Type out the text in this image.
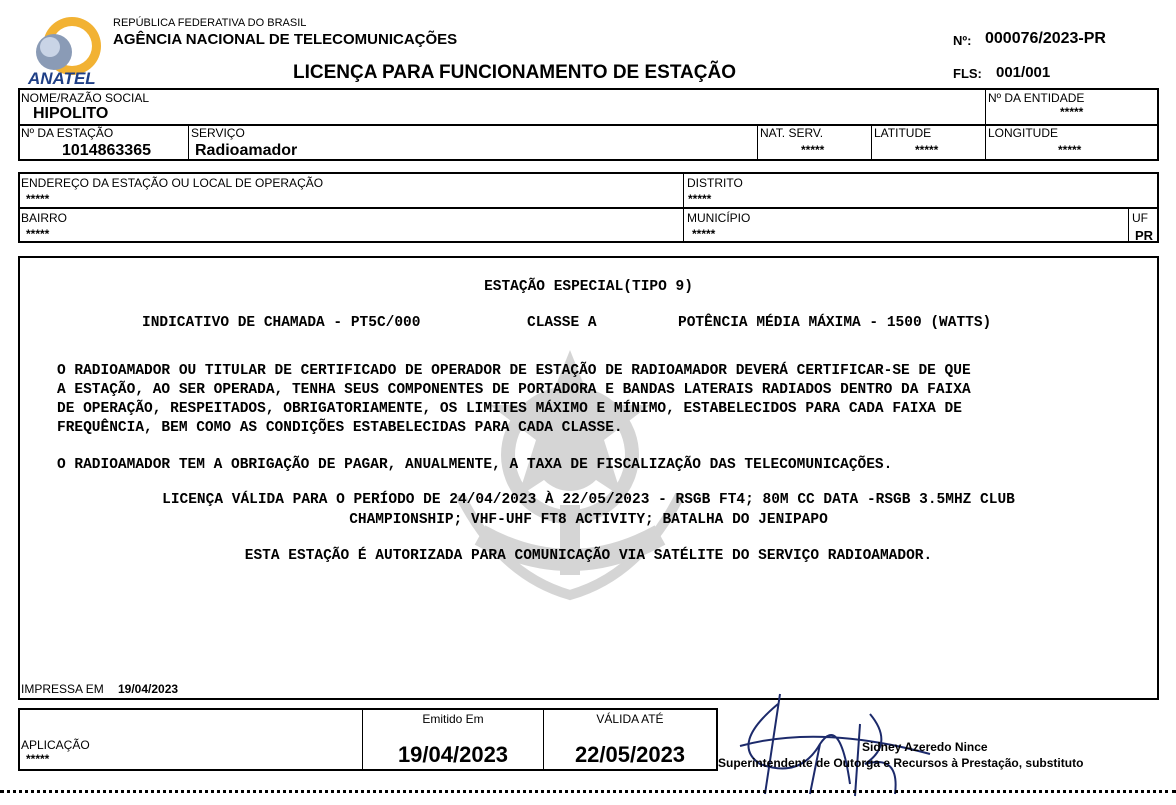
ANATEL
REPÚBLICA FEDERATIVA DO BRASIL
AGÊNCIA NACIONAL DE TELECOMUNICAÇÕES
LICENÇA PARA FUNCIONAMENTO DE ESTAÇÃO
Nº: 000076/2023-PR
FLS: 001/001
NOME/RAZÃO SOCIAL
HIPOLITO
Nº DA ENTIDADE
*****
Nº DA ESTAÇÃO
1014863365
SERVIÇO
Radioamador
NAT. SERV.
*****
LATITUDE
*****
LONGITUDE
*****
ENDEREÇO DA ESTAÇÃO OU LOCAL DE OPERAÇÃO
*****
DISTRITO
*****
BAIRRO
*****
MUNICÍPIO
*****
UF
PR
ESTAÇÃO ESPECIAL(TIPO 9)
INDICATIVO DE CHAMADA - PT5C/000	CLASSE A	POTÊNCIA MÉDIA MÁXIMA - 1500 (WATTS)
O RADIOAMADOR OU TITULAR DE CERTIFICADO DE OPERADOR DE ESTAÇÃO DE RADIOAMADOR DEVERÁ CERTIFICAR-SE DE QUE
A ESTAÇÃO, AO SER OPERADA, TENHA SEUS COMPONENTES DE PORTADORA E BANDAS LATERAIS RADIADOS DENTRO DA FAIXA
DE OPERAÇÃO, RESPEITADOS, OBRIGATORIAMENTE, OS LIMITES MÁXIMO E MÍNIMO, ESTABELECIDOS PARA CADA FAIXA DE
FREQUÊNCIA, BEM COMO AS CONDIÇÕES ESTABELECIDAS PARA CADA CLASSE.
O RADIOAMADOR TEM A OBRIGAÇÃO DE PAGAR, ANUALMENTE, A TAXA DE FISCALIZAÇÃO DAS TELECOMUNICAÇÕES.
LICENÇA VÁLIDA PARA O PERÍODO DE 24/04/2023 À 22/05/2023 - RSGB FT4; 80M CC DATA -RSGB 3.5MHZ CLUB
CHAMPIONSHIP; VHF-UHF FT8 ACTIVITY; BATALHA DO JENIPAPO
ESTA ESTAÇÃO É AUTORIZADA PARA COMUNICAÇÃO VIA SATÉLITE DO SERVIÇO RADIOAMADOR.
IMPRESSA EM 19/04/2023
APLICAÇÃO
*****
Emitido Em
19/04/2023
VÁLIDA ATÉ
22/05/2023	Sidney Azeredo Nince
Superintendente de Outorga e Recursos à Prestação, substituto
